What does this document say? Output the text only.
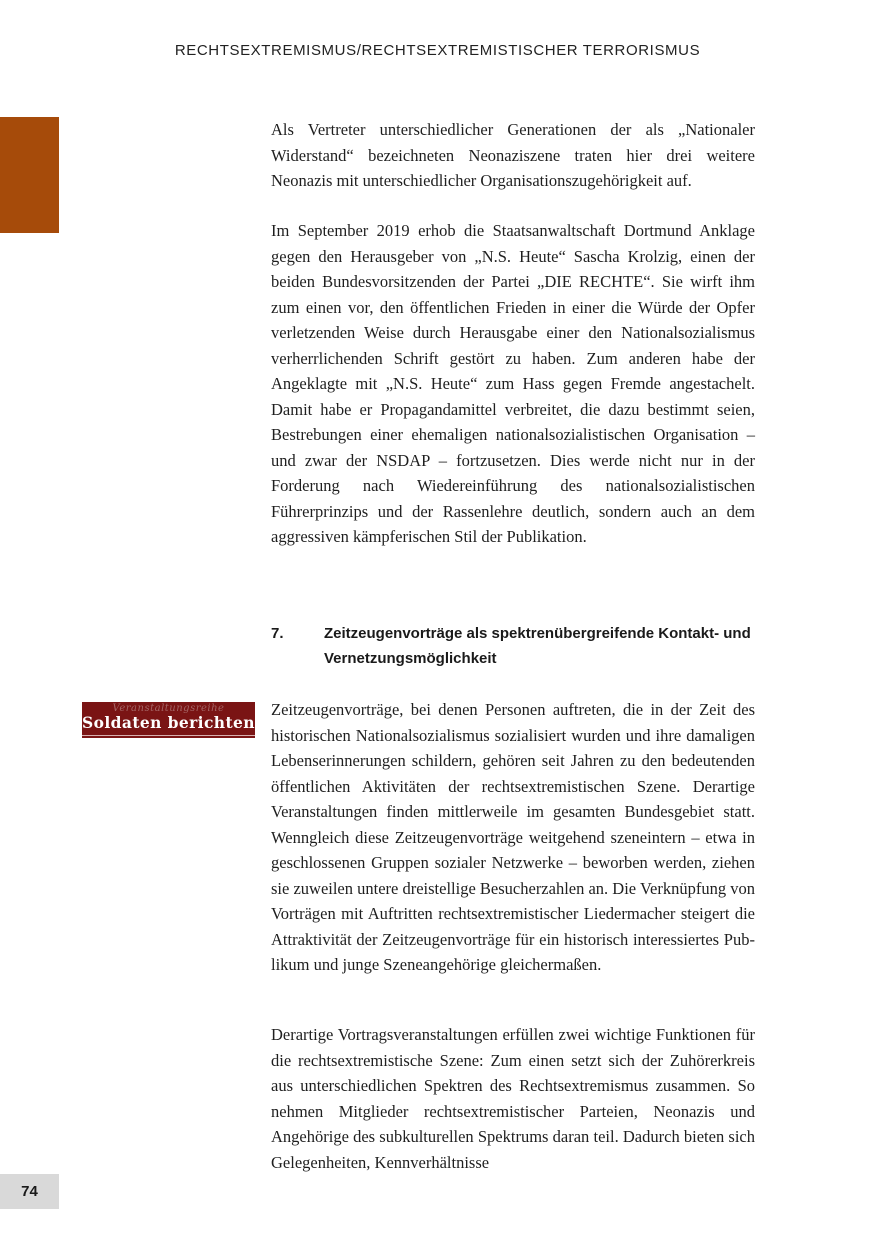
RECHTSEXTREMISMUS/RECHTSEXTREMISTISCHER TERRORISMUS

Als Vertreter unterschiedlicher Generationen der als „Nationaler Widerstand“ bezeichneten Neonaziszene traten hier drei weitere Neonazis mit unterschiedlicher Organisationszugehörigkeit auf.

Im September 2019 erhob die Staatsanwaltschaft Dortmund Anklage gegen den Herausgeber von „N.S. Heute“ Sascha Krolzig, einen der beiden Bundesvorsitzenden der Partei „DIE RECHTE“. Sie wirft ihm zum einen vor, den öffentlichen Frieden in einer die Würde der Opfer verletzenden Weise durch Herausgabe einer den Nationalsozialismus verherrlichenden Schrift gestört zu haben. Zum anderen habe der Angeklagte mit „N.S. Heute“ zum Hass gegen Fremde angestachelt. Damit habe er Propagandamittel verbreitet, die dazu bestimmt seien, Bestrebungen einer ehemaligen nationalsozialistischen Organisation – und zwar der NSDAP – fortzusetzen. Dies werde nicht nur in der Forderung nach Wiedereinführung des nationalsozialistischen Führerprinzips und der Rassenlehre deutlich, sondern auch an dem aggressiven kämpferischen Stil der Publikation.

7.	Zeitzeugenvorträge als spektrenübergreifende Kontakt- und Vernetzungsmöglichkeit
Veranstaltungsreihe
Soldaten berichten

Zeitzeugenvorträge, bei denen Personen auftreten, die in der Zeit des historischen Nationalsozialismus sozialisiert wurden und ihre damaligen Lebenserinnerungen schildern, gehören seit Jahren zu den bedeutenden öffentlichen Aktivitäten der rechtsextremistischen Szene. Derartige Veranstaltungen finden mittlerweile im gesamten Bundesgebiet statt. Wenngleich diese Zeitzeugenvorträge weitgehend szeneintern – etwa in geschlossenen Gruppen sozialer Netzwerke – beworben werden, ziehen sie zuweilen untere dreistellige Besucherzahlen an. Die Verknüpfung von Vorträgen mit Auftritten rechtsextremistischer Liedermacher steigert die Attraktivität der Zeitzeugenvorträge für ein historisch interessiertes Publikum und junge Szeneangehörige gleichermaßen.

Derartige Vortragsveranstaltungen erfüllen zwei wichtige Funktionen für die rechtsextremistische Szene: Zum einen setzt sich der Zuhörerkreis aus unterschiedlichen Spektren des Rechtsextremismus zusammen. So nehmen Mitglieder rechtsextremistischer Parteien, Neonazis und Angehörige des subkulturellen Spektrums daran teil. Dadurch bieten sich Gelegenheiten, Kennverhältnisse

74
